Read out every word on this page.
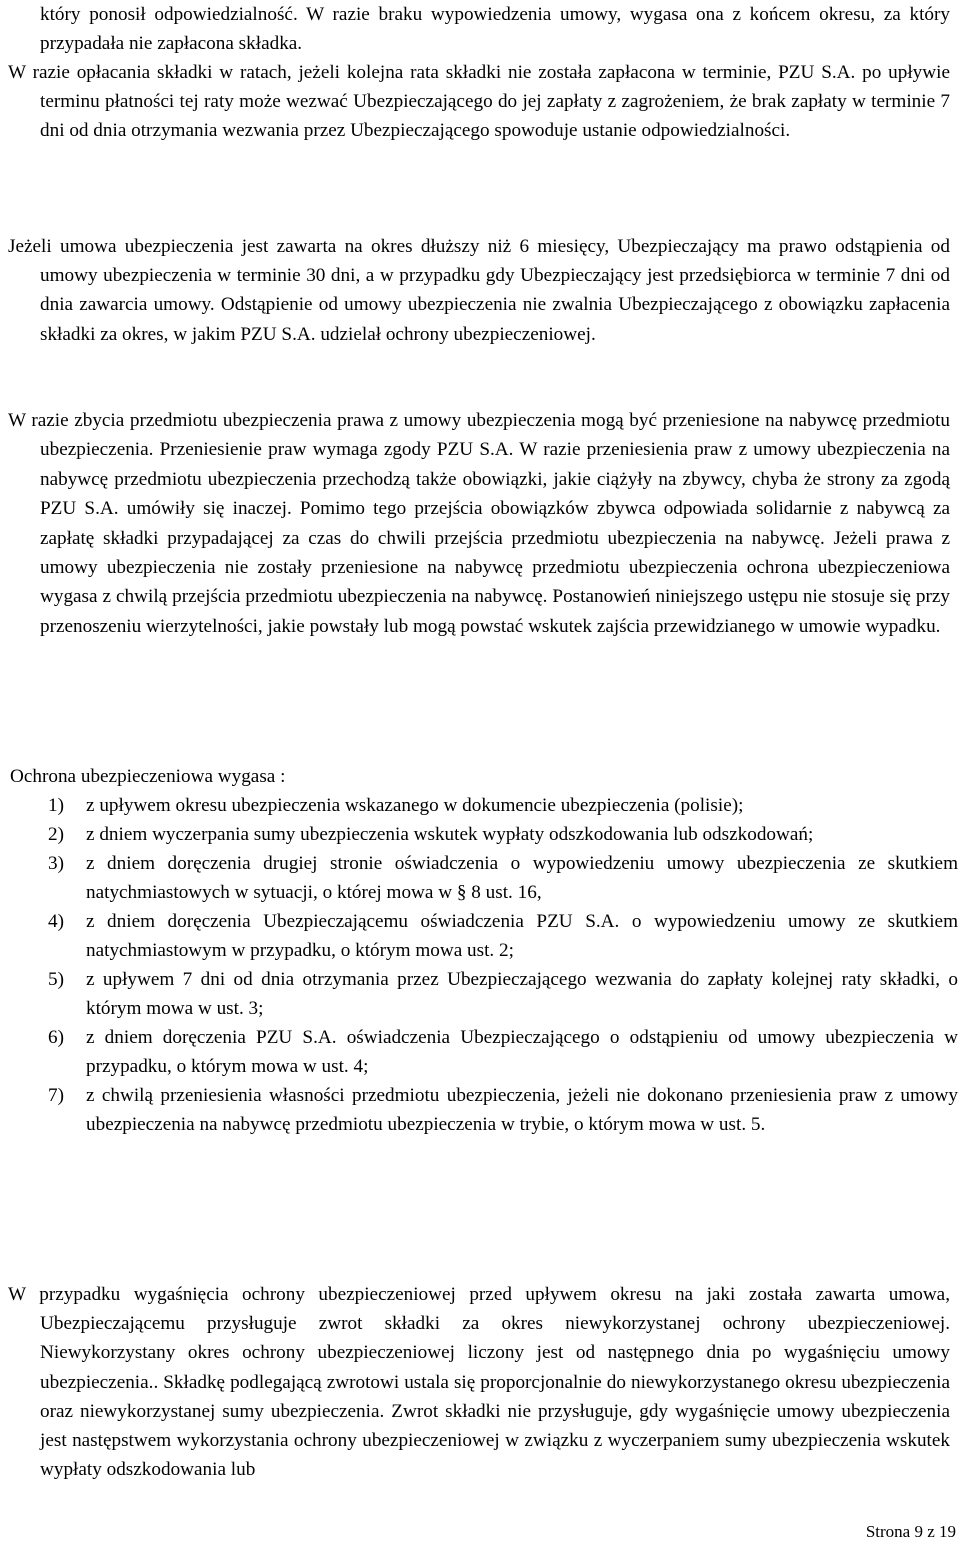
który ponosił odpowiedzialność. W razie braku wypowiedzenia umowy, wygasa ona z końcem okresu, za który przypadała nie zapłacona składka.

W razie opłacania składki w ratach, jeżeli kolejna rata składki nie została zapłacona w terminie, PZU S.A. po upływie terminu płatności tej raty może wezwać Ubezpieczającego do jej zapłaty z zagrożeniem, że brak zapłaty w terminie 7 dni od dnia otrzymania wezwania przez Ubezpieczającego spowoduje ustanie odpowiedzialności.

Jeżeli umowa ubezpieczenia jest zawarta na okres dłuższy niż 6 miesięcy, Ubezpieczający ma prawo odstąpienia od umowy ubezpieczenia w terminie 30 dni, a w przypadku gdy Ubezpieczający jest przedsiębiorca w terminie 7 dni od dnia zawarcia umowy. Odstąpienie od umowy ubezpieczenia nie zwalnia Ubezpieczającego z obowiązku zapłacenia składki za okres, w jakim PZU S.A. udzielał ochrony ubezpieczeniowej.

W razie zbycia przedmiotu ubezpieczenia prawa z umowy ubezpieczenia mogą być przeniesione na nabywcę przedmiotu ubezpieczenia. Przeniesienie praw wymaga zgody PZU S.A. W razie przeniesienia praw z umowy ubezpieczenia na nabywcę przedmiotu ubezpieczenia przechodzą także obowiązki, jakie ciążyły na zbywcy, chyba że strony za zgodą PZU S.A. umówiły się inaczej. Pomimo tego przejścia obowiązków zbywca odpowiada solidarnie z nabywcą za zapłatę składki przypadającej za czas do chwili przejścia przedmiotu ubezpieczenia na nabywcę. Jeżeli prawa z umowy ubezpieczenia nie zostały przeniesione na nabywcę przedmiotu ubezpieczenia ochrona ubezpieczeniowa wygasa z chwilą przejścia przedmiotu ubezpieczenia na nabywcę. Postanowień niniejszego ustępu nie stosuje się przy przenoszeniu wierzytelności, jakie powstały lub mogą powstać wskutek zajścia przewidzianego w umowie wypadku.

Ochrona ubezpieczeniowa wygasa :

1) z upływem okresu ubezpieczenia wskazanego w dokumencie ubezpieczenia (polisie);
2) z dniem wyczerpania sumy ubezpieczenia wskutek wypłaty odszkodowania lub odszkodowań;
3) z dniem doręczenia drugiej stronie oświadczenia o wypowiedzeniu umowy ubezpieczenia ze skutkiem natychmiastowych w sytuacji, o której mowa w § 8 ust. 16,
4) z dniem doręczenia Ubezpieczającemu oświadczenia PZU S.A. o wypowiedzeniu umowy ze skutkiem natychmiastowym w przypadku, o którym mowa ust. 2;
5) z upływem 7 dni od dnia otrzymania przez Ubezpieczającego wezwania do zapłaty kolejnej raty składki, o którym mowa w ust. 3;
6) z dniem doręczenia PZU S.A. oświadczenia Ubezpieczającego o odstąpieniu od umowy ubezpieczenia w przypadku, o którym mowa w ust. 4;
7) z chwilą przeniesienia własności przedmiotu ubezpieczenia, jeżeli nie dokonano przeniesienia praw z umowy ubezpieczenia na nabywcę przedmiotu ubezpieczenia w trybie, o którym mowa w ust. 5.

W przypadku wygaśnięcia ochrony ubezpieczeniowej przed upływem okresu na jaki została zawarta umowa, Ubezpieczającemu przysługuje zwrot składki za okres niewykorzystanej ochrony ubezpieczeniowej. Niewykorzystany okres ochrony ubezpieczeniowej liczony jest od następnego dnia po wygaśnięciu umowy ubezpieczenia.. Składkę podlegającą zwrotowi ustala się proporcjonalnie do niewykorzystanego okresu ubezpieczenia oraz niewykorzystanej sumy ubezpieczenia. Zwrot składki nie przysługuje, gdy wygaśnięcie umowy ubezpieczenia jest następstwem wykorzystania ochrony ubezpieczeniowej w związku z wyczerpaniem sumy ubezpieczenia wskutek wypłaty odszkodowania lub

Strona 9 z 19
